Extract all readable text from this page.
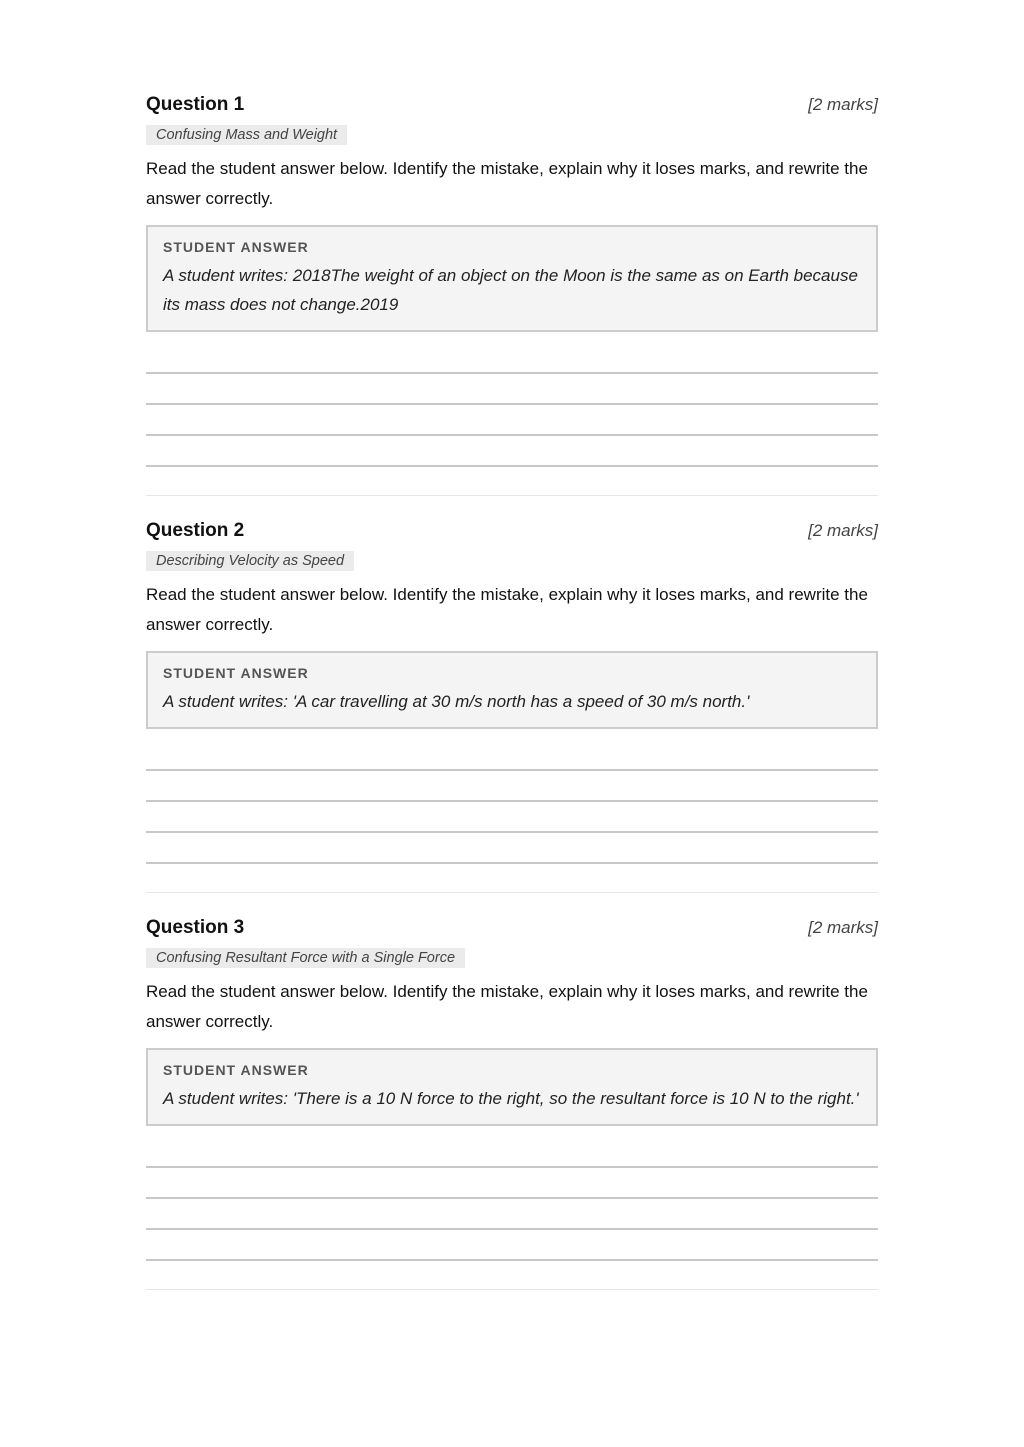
Question 1	[2 marks]
Confusing Mass and Weight
Read the student answer below. Identify the mistake, explain why it loses marks, and rewrite the answer correctly.
STUDENT ANSWER
A student writes: 2018The weight of an object on the Moon is the same as on Earth because its mass does not change.2019
Question 2	[2 marks]
Describing Velocity as Speed
Read the student answer below. Identify the mistake, explain why it loses marks, and rewrite the answer correctly.
STUDENT ANSWER
A student writes: 'A car travelling at 30 m/s north has a speed of 30 m/s north.'
Question 3	[2 marks]
Confusing Resultant Force with a Single Force
Read the student answer below. Identify the mistake, explain why it loses marks, and rewrite the answer correctly.
STUDENT ANSWER
A student writes: 'There is a 10 N force to the right, so the resultant force is 10 N to the right.'
